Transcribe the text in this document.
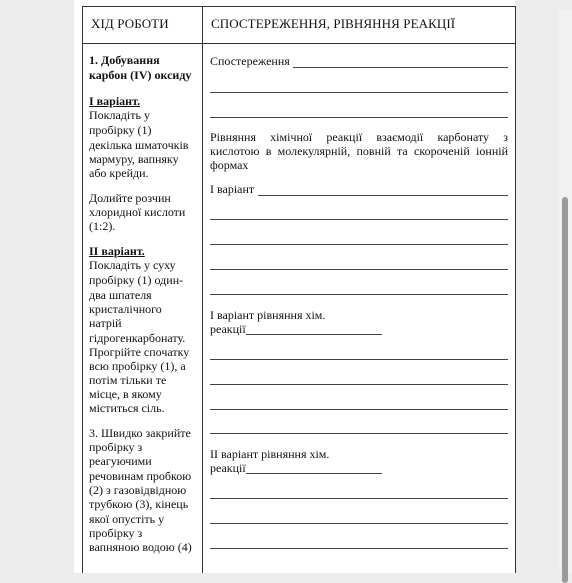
ХІД РОБОТИ	СПОСТЕРЕЖЕННЯ, РІВНЯННЯ РЕАКЦІЇ
1. Добування
карбон (IV) оксиду
І варіант.
Покладіть у
пробірку (1)
декілька шматочків
мармуру, вапняку
або крейди.
Долийте розчин
хлоридної кислоти
(1:2).
ІІ варіант.
Покладіть у суху
пробірку (1) один-
два шпателя
кристалічного
натрій
гідрогенкарбонату.
Прогрійте спочатку
всю пробірку (1), а
потім тільки те
місце, в якому
міститься сіль.
3. Швидко закрийте
пробірку з
реагуючими
речовинам пробкою
(2) з газовідвідною
трубкою (3), кінець
якої опустіть у
пробірку з
вапняною водою (4)
Спостереження
Рівняння хімічної реакції взаємодії карбонату з
кислотою в молекулярній, повній та скороченій іонній
формах
І варіант
І варіант рівняння хім.
реакції
ІІ варіант рівняння хім.
реакції
